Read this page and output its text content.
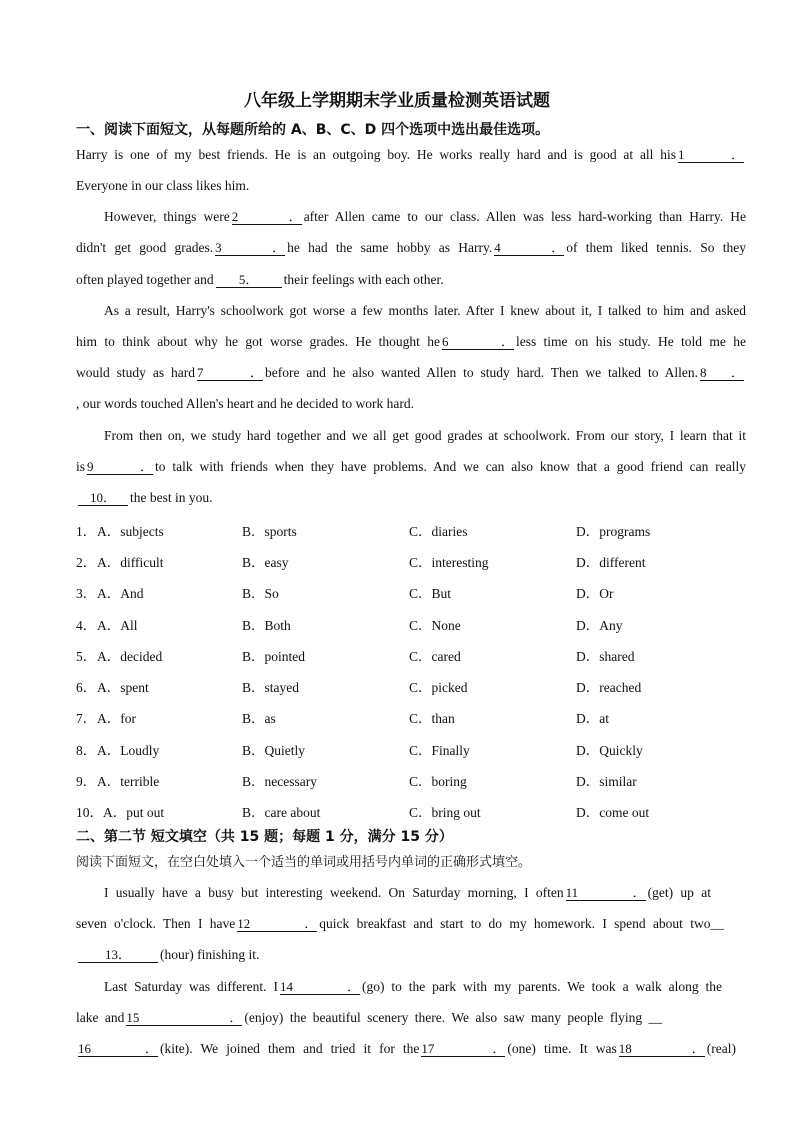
八年级上学期期末学业质量检测英语试题
一、阅读下面短文，从每题所给的 A、B、C、D 四个选项中选出最佳选项。
Harry is one of my best friends. He is an outgoing boy. He works really hard and is good at all his 1．
Everyone in our class likes him.
However, things were 2． after Allen came to our class. Allen was less hard-working than Harry. He
didn't get good grades. 3． he had the same hobby as Harry. 4． of them liked tennis. So they
often played together and 5． their feelings with each other.
As a result, Harry's schoolwork got worse a few months later. After I knew about it, I talked to him and asked
him to think about why he got worse grades. He thought he 6． less time on his study. He told me he
would study as hard 7． before and he also wanted Allen to study hard. Then we talked to Allen. 8．
, our words touched Allen's heart and he decided to work hard.
From then on, we study hard together and we all get good grades at schoolwork. From our story, I learn that it
is 9． to talk with friends when they have problems. And we can also know that a good friend can really
10． the best in you.
1． A．subjects	B．sports	C．diaries	D．programs
2． A．difficult	B．easy	C．interesting	D．different
3． A．And	B．So	C．But	D．Or
4． A．All	B．Both	C．None	D．Any
5． A．decided	B．pointed	C．cared	D．shared
6． A．spent	B．stayed	C．picked	D．reached
7． A．for	B．as	C．than	D．at
8． A．Loudly	B．Quietly	C．Finally	D．Quickly
9． A．terrible	B．necessary	C．boring	D．similar
10． A．put out	B．care about	C．bring out	D．come out
二、第二节 短文填空（共 15 题；每题 1 分，满分 15 分）
阅读下面短文，在空白处填入一个适当的单词或用括号内单词的正确形式填空。
I usually have a busy but interesting weekend. On Saturday morning, I often 11． (get) up at
seven o'clock. Then I have 12． quick breakfast and start to do my homework. I spend about two__
13． (hour) finishing it.
Last Saturday was different. I 14． (go) to the park with my parents. We took a walk along the
lake and 15． (enjoy) the beautiful scenery there. We also saw many people flying __
16． (kite). We joined them and tried it for the 17． (one) time. It was 18． (real)
